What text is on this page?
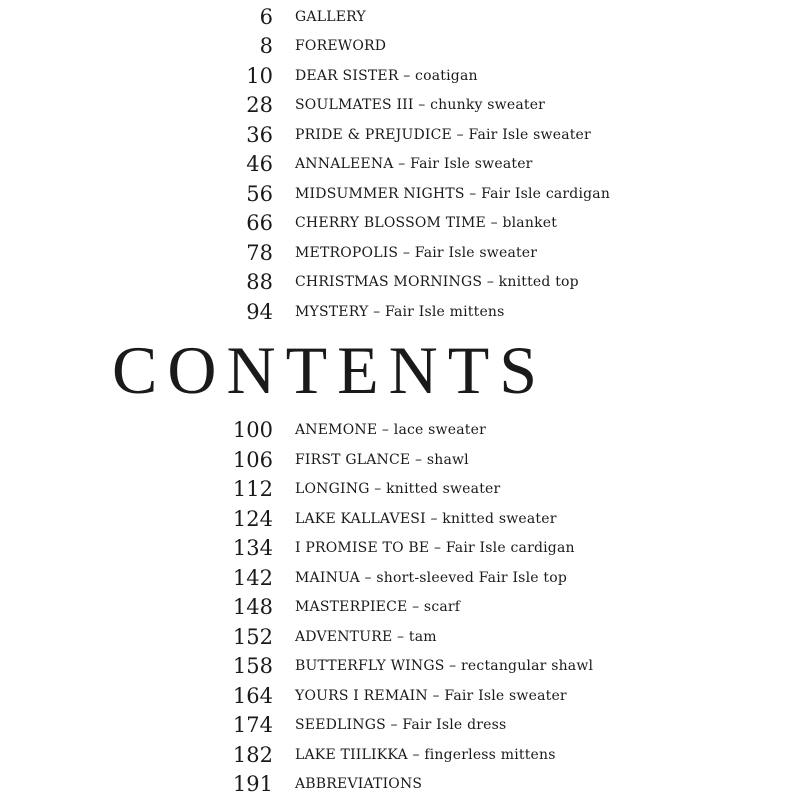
6 GALLERY
8 FOREWORD
10 DEAR SISTER – coatigan
28 SOULMATES III – chunky sweater
36 PRIDE & PREJUDICE – Fair Isle sweater
46 ANNALEENA – Fair Isle sweater
56 MIDSUMMER NIGHTS – Fair Isle cardigan
66 CHERRY BLOSSOM TIME – blanket
78 METROPOLIS – Fair Isle sweater
88 CHRISTMAS MORNINGS – knitted top
94 MYSTERY – Fair Isle mittens
CONTENTS
100 ANEMONE – lace sweater
106 FIRST GLANCE – shawl
112 LONGING – knitted sweater
124 LAKE KALLAVESI – knitted sweater
134 I PROMISE TO BE – Fair Isle cardigan
142 MAINUA – short-sleeved Fair Isle top
148 MASTERPIECE – scarf
152 ADVENTURE – tam
158 BUTTERFLY WINGS – rectangular shawl
164 YOURS I REMAIN – Fair Isle sweater
174 SEEDLINGS – Fair Isle dress
182 LAKE TIILIKKA – fingerless mittens
191 ABBREVIATIONS
